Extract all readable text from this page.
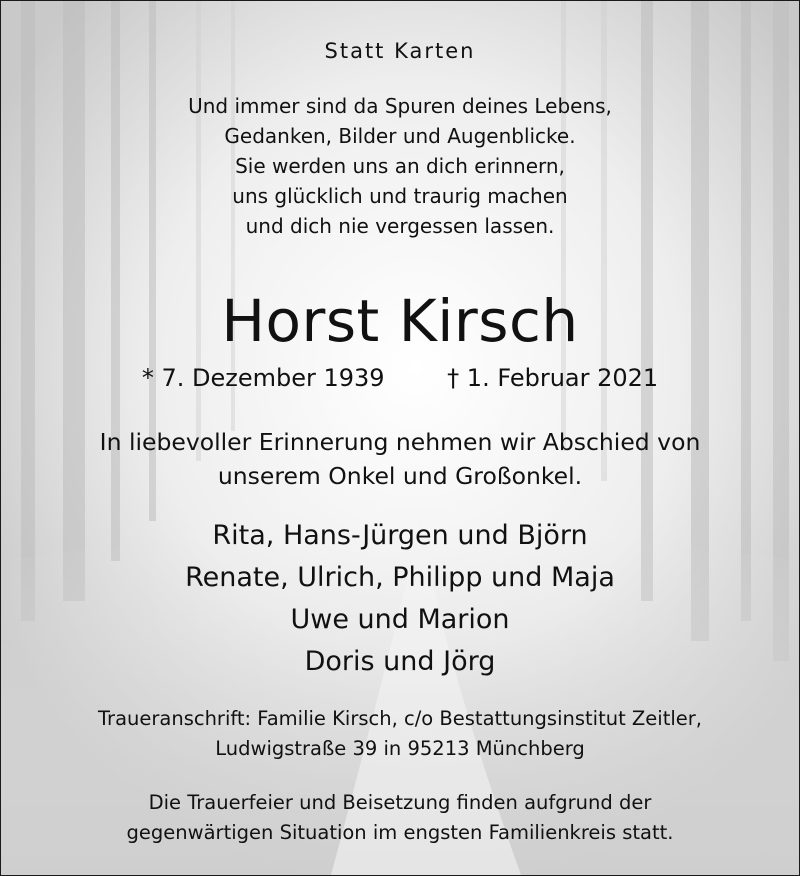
Statt Karten
Und immer sind da Spuren deines Lebens,
Gedanken, Bilder und Augenblicke.
Sie werden uns an dich erinnern,
uns glücklich und traurig machen
und dich nie vergessen lassen.
Horst Kirsch
* 7. Dezember 1939	† 1. Februar 2021
In liebevoller Erinnerung nehmen wir Abschied von
unserem Onkel und Großonkel.
Rita, Hans-Jürgen und Björn
Renate, Ulrich, Philipp und Maja
Uwe und Marion
Doris und Jörg
Traueranschrift: Familie Kirsch, c/o Bestattungsinstitut Zeitler,
Ludwigstraße 39 in 95213 Münchberg
Die Trauerfeier und Beisetzung finden aufgrund der
gegenwärtigen Situation im engsten Familienkreis statt.
